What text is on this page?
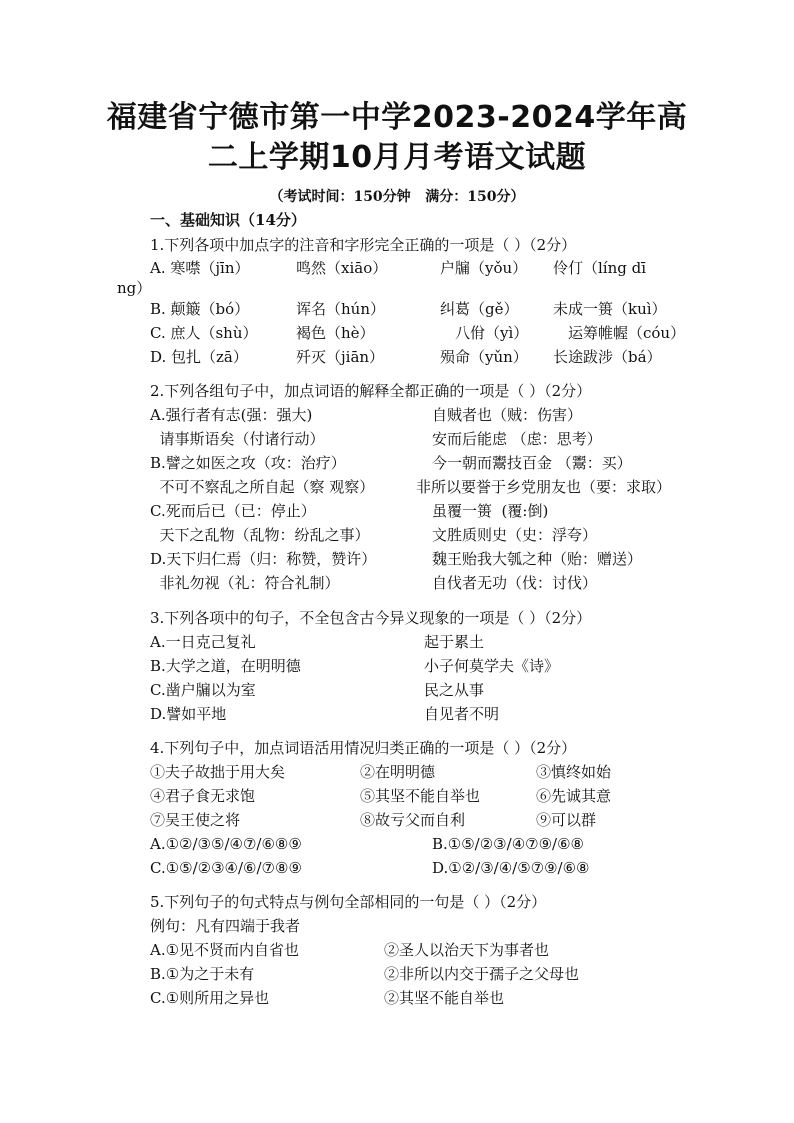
福建省宁德市第一中学2023-2024学年高
二上学期10月月考语文试题
（考试时间：150分钟   满分：150分）
一、基础知识（14分）
1.下列各项中加点字的注音和字形完全正确的一项是（ ）（2分）
A. 寒噤（jīn）	鸣然（xiāo）	户牖（yǒu） 伶仃（líng dī
ng）
B. 颠簸（bó）	诨名（hún）	纠葛（gě） 未成一篑（kuì）
C. 庶人（shù）	褐色（hè）	八佾（yì）	运筹帷幄（cóu）
D. 包扎（zā）	歼灭（jiān）	殒命（yǔn） 长途跋涉（bá）
2.下列各组句子中，加点词语的解释全都正确的一项是（ ）（2分）
A.强行者有志(强：强大)	自贼者也（贼：伤害）
请事斯语矣（付诸行动）	安而后能虑 （虑：思考）
B.譬之如医之攻（攻：治疗）	今一朝而鬻技百金 （鬻：买）
不可不察乱之所自起（察 观察）	非所以要誉于乡党朋友也（要：求取）
C.死而后已（已：停止）	虽覆一篑  (覆:倒)
天下之乱物（乱物：纷乱之事）	文胜质则史（史：浮夸）
D.天下归仁焉（归：称赞，赞许）	魏王贻我大瓠之种（贻：赠送）
非礼勿视（礼：符合礼制）	自伐者无功（伐：讨伐）
3.下列各项中的句子，不全包含古今异义现象的一项是（ ）（2分）
A.一日克己复礼	起于累土
B.大学之道，在明明德	小子何莫学夫《诗》
C.凿户牖以为室	民之从事
D.譬如平地	自见者不明
4.下列句子中，加点词语活用情况归类正确的一项是（ ）（2分）
①夫子故拙于用大矣	②在明明德	③慎终如始
④君子食无求饱	⑤其坚不能自举也	⑥先诚其意
⑦吴王使之将	⑧故亏父而自利	⑨可以群
A.①②/③⑤/④⑦/⑥⑧⑨	B.①⑤/②③/④⑦⑨/⑥⑧
C.①⑤/②③④/⑥/⑦⑧⑨	D.①②/③/④/⑤⑦⑨/⑥⑧
5.下列句子的句式特点与例句全部相同的一句是（ ）（2分）
例句：凡有四端于我者
A.①见不贤而内自省也	②圣人以治天下为事者也
B.①为之于未有	②非所以内交于孺子之父母也
C.①则所用之异也	②其坚不能自举也
